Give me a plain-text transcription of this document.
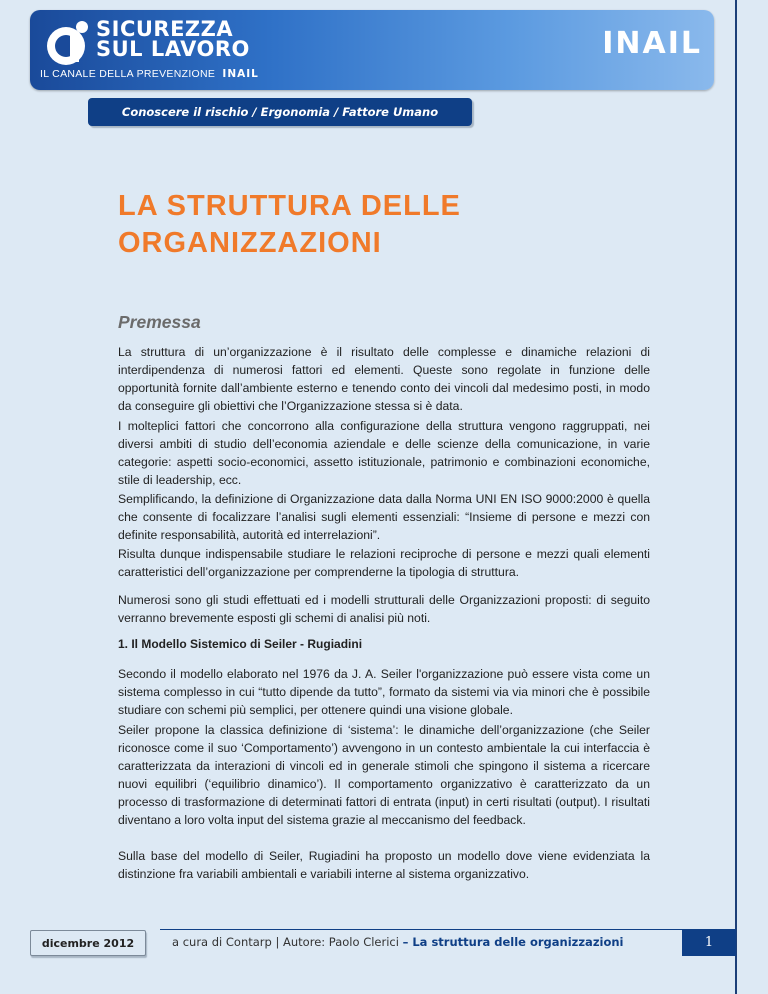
SICUREZZA
SUL LAVORO
IL CANALE DELLA PREVENZIONE INAIL
INAIL
Conoscere il rischio / Ergonomia / Fattore Umano
LA STRUTTURA DELLE
ORGANIZZAZIONI
Premessa

La struttura di un’organizzazione è il risultato delle complesse e dinamiche relazioni di interdipendenza di numerosi fattori ed elementi. Queste sono regolate in funzione delle opportunità fornite dall’ambiente esterno e tenendo conto dei vincoli dal medesimo posti, in modo da conseguire gli obiettivi che l’Organizzazione stessa si è data.

I molteplici fattori che concorrono alla configurazione della struttura vengono raggruppati, nei diversi ambiti di studio dell’economia aziendale e delle scienze della comunicazione, in varie categorie: aspetti socio-economici, assetto istituzionale, patrimonio e combinazioni economiche, stile di leadership, ecc.

Semplificando, la definizione di Organizzazione data dalla Norma UNI EN ISO 9000:2000 è quella che consente di focalizzare l’analisi sugli elementi essenziali: “Insieme di persone e mezzi con definite responsabilità, autorità ed interrelazioni”.

Risulta dunque indispensabile studiare le relazioni reciproche di persone e mezzi quali elementi caratteristici dell’organizzazione per comprenderne la tipologia di struttura.

Numerosi sono gli studi effettuati ed i modelli strutturali delle Organizzazioni proposti: di seguito verranno brevemente esposti gli schemi di analisi più noti.

1. Il Modello Sistemico di Seiler - Rugiadini

Secondo il modello elaborato nel 1976 da J. A. Seiler l'organizzazione può essere vista come un sistema complesso in cui “tutto dipende da tutto”, formato da sistemi via via minori che è possibile studiare con schemi più semplici, per ottenere quindi una visione globale.

Seiler propone la classica definizione di ‘sistema’: le dinamiche dell’organizzazione (che Seiler riconosce come il suo ‘Comportamento’) avvengono in un contesto ambientale la cui interfaccia è caratterizzata da interazioni di vincoli ed in generale stimoli che spingono il sistema a ricercare nuovi equilibri (‘equilibrio dinamico’). Il comportamento organizzativo è caratterizzato da un processo di trasformazione di determinati fattori di entrata (input) in certi risultati (output). I risultati diventano a loro volta input del sistema grazie al meccanismo del feedback.

Sulla base del modello di Seiler, Rugiadini ha proposto un modello dove viene evidenziata la distinzione fra variabili ambientali e variabili interne al sistema organizzativo.

dicembre 2012	a cura di Contarp | Autore: Paolo Clerici – La struttura delle organizzazioni	1
